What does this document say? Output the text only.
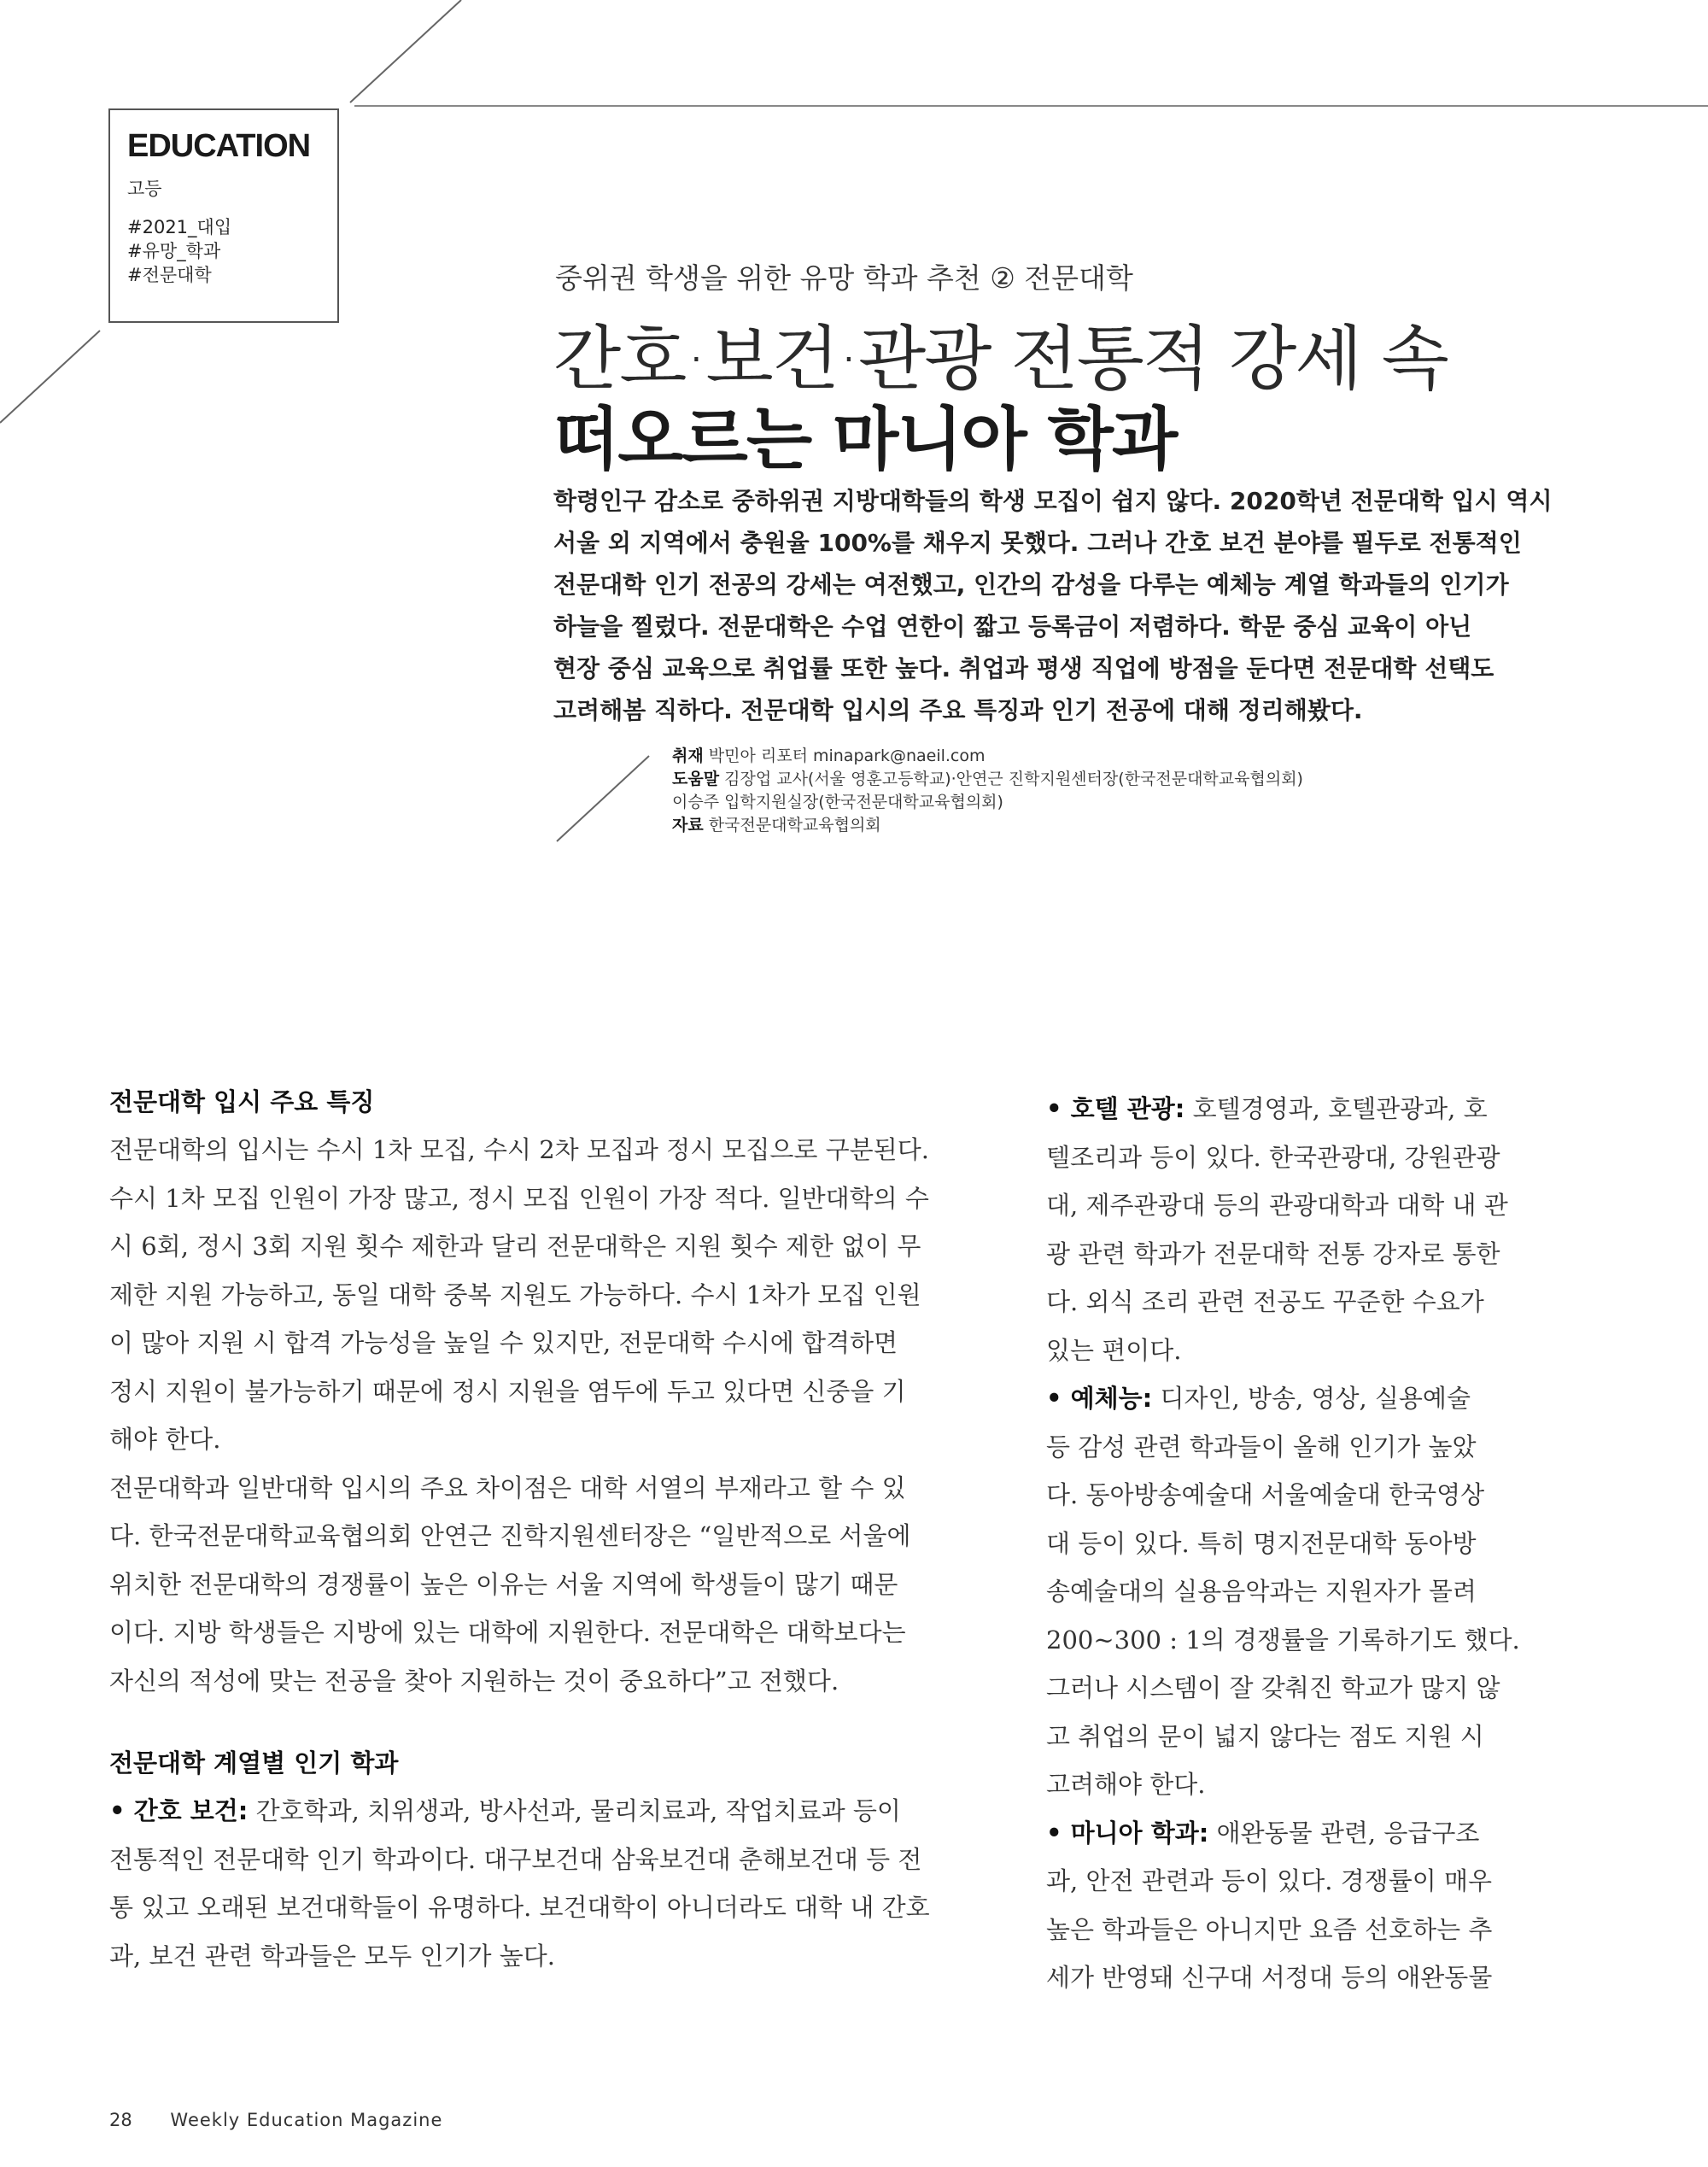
EDUCATION
고등
#2021_대입
#유망_학과
#전문대학	중위권 학생을 위한 유망 학과 추천 ② 전문대학
간호·보건·관광 전통적 강세 속
떠오르는 마니아 학과
학령인구 감소로 중하위권 지방대학들의 학생 모집이 쉽지 않다. 2020학년 전문대학 입시 역시
서울 외 지역에서 충원율 100%를 채우지 못했다. 그러나 간호 보건 분야를 필두로 전통적인
전문대학 인기 전공의 강세는 여전했고, 인간의 감성을 다루는 예체능 계열 학과들의 인기가
하늘을 찔렀다. 전문대학은 수업 연한이 짧고 등록금이 저렴하다. 학문 중심 교육이 아닌
현장 중심 교육으로 취업률 또한 높다. 취업과 평생 직업에 방점을 둔다면 전문대학 선택도
고려해봄 직하다. 전문대학 입시의 주요 특징과 인기 전공에 대해 정리해봤다.
취재 박민아 리포터 minapark@naeil.com
도움말 김장업 교사(서울 영훈고등학교)·안연근 진학지원센터장(한국전문대학교육협의회)
이승주 입학지원실장(한국전문대학교육협의회)
자료 한국전문대학교육협의회
전문대학 입시 주요 특징
전문대학의 입시는 수시 1차 모집, 수시 2차 모집과 정시 모집으로 구분된다.
수시 1차 모집 인원이 가장 많고, 정시 모집 인원이 가장 적다. 일반대학의 수
시 6회, 정시 3회 지원 횟수 제한과 달리 전문대학은 지원 횟수 제한 없이 무
제한 지원 가능하고, 동일 대학 중복 지원도 가능하다. 수시 1차가 모집 인원
이 많아 지원 시 합격 가능성을 높일 수 있지만, 전문대학 수시에 합격하면
정시 지원이 불가능하기 때문에 정시 지원을 염두에 두고 있다면 신중을 기
해야 한다.
전문대학과 일반대학 입시의 주요 차이점은 대학 서열의 부재라고 할 수 있
다. 한국전문대학교육협의회 안연근 진학지원센터장은 “일반적으로 서울에
위치한 전문대학의 경쟁률이 높은 이유는 서울 지역에 학생들이 많기 때문
이다. 지방 학생들은 지방에 있는 대학에 지원한다. 전문대학은 대학보다는
자신의 적성에 맞는 전공을 찾아 지원하는 것이 중요하다”고 전했다.
전문대학 계열별 인기 학과
• 간호 보건: 간호학과, 치위생과, 방사선과, 물리치료과, 작업치료과 등이
전통적인 전문대학 인기 학과이다. 대구보건대 삼육보건대 춘해보건대 등 전
통 있고 오래된 보건대학들이 유명하다. 보건대학이 아니더라도 대학 내 간호
과, 보건 관련 학과들은 모두 인기가 높다.
• 호텔 관광: 호텔경영과, 호텔관광과, 호
텔조리과 등이 있다. 한국관광대, 강원관광
대, 제주관광대 등의 관광대학과 대학 내 관
광 관련 학과가 전문대학 전통 강자로 통한
다. 외식 조리 관련 전공도 꾸준한 수요가
있는 편이다.
• 예체능: 디자인, 방송, 영상, 실용예술
등 감성 관련 학과들이 올해 인기가 높았
다. 동아방송예술대 서울예술대 한국영상
대 등이 있다. 특히 명지전문대학 동아방
송예술대의 실용음악과는 지원자가 몰려
200~300 : 1의 경쟁률을 기록하기도 했다.
그러나 시스템이 잘 갖춰진 학교가 많지 않
고 취업의 문이 넓지 않다는 점도 지원 시
고려해야 한다.
• 마니아 학과: 애완동물 관련, 응급구조
과, 안전 관련과 등이 있다. 경쟁률이 매우
높은 학과들은 아니지만 요즘 선호하는 추
세가 반영돼 신구대 서정대 등의 애완동물
28 Weekly Education Magazine
